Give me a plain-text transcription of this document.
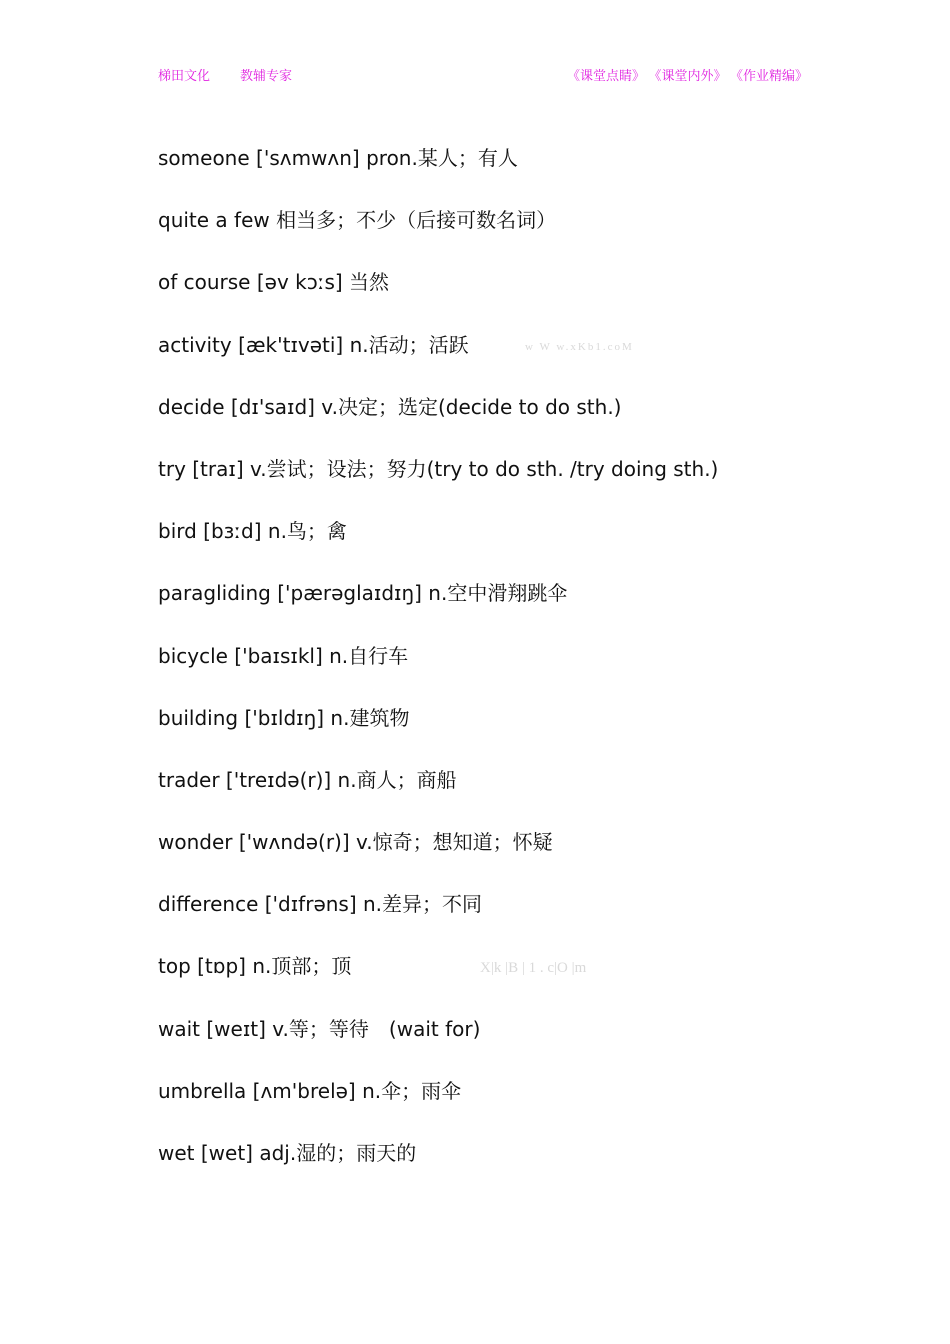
梯田文化 教辅专家	《课堂点睛》 《课堂内外》 《作业精编》
someone ['sʌmwʌn] pron.某人；有人
quite a few 相当多；不少（后接可数名词）
of course [əv kɔːs] 当然
activity [æk'tɪvəti] n.活动；活跃
decide [dɪ'saɪd] v.决定；选定(decide to do sth.)
try [traɪ] v.尝试；设法；努力(try to do sth. /try doing sth.)
bird [bɜːd] n.鸟；禽
paragliding ['pærəglaɪdɪŋ] n.空中滑翔跳伞
bicycle ['baɪsɪkl] n.自行车
building ['bɪldɪŋ] n.建筑物
trader ['treɪdə(r)] n.商人；商船
wonder ['wʌndə(r)] v.惊奇；想知道；怀疑
difference ['dɪfrəns] n.差异；不同
top [tɒp] n.顶部；顶
wait [weɪt] v.等；等待　(wait for)
umbrella [ʌm'brelə] n.伞；雨伞
wet [wet] adj.湿的；雨天的
w W w.xKb1.coM
X|k |B | 1 . c|O |m
